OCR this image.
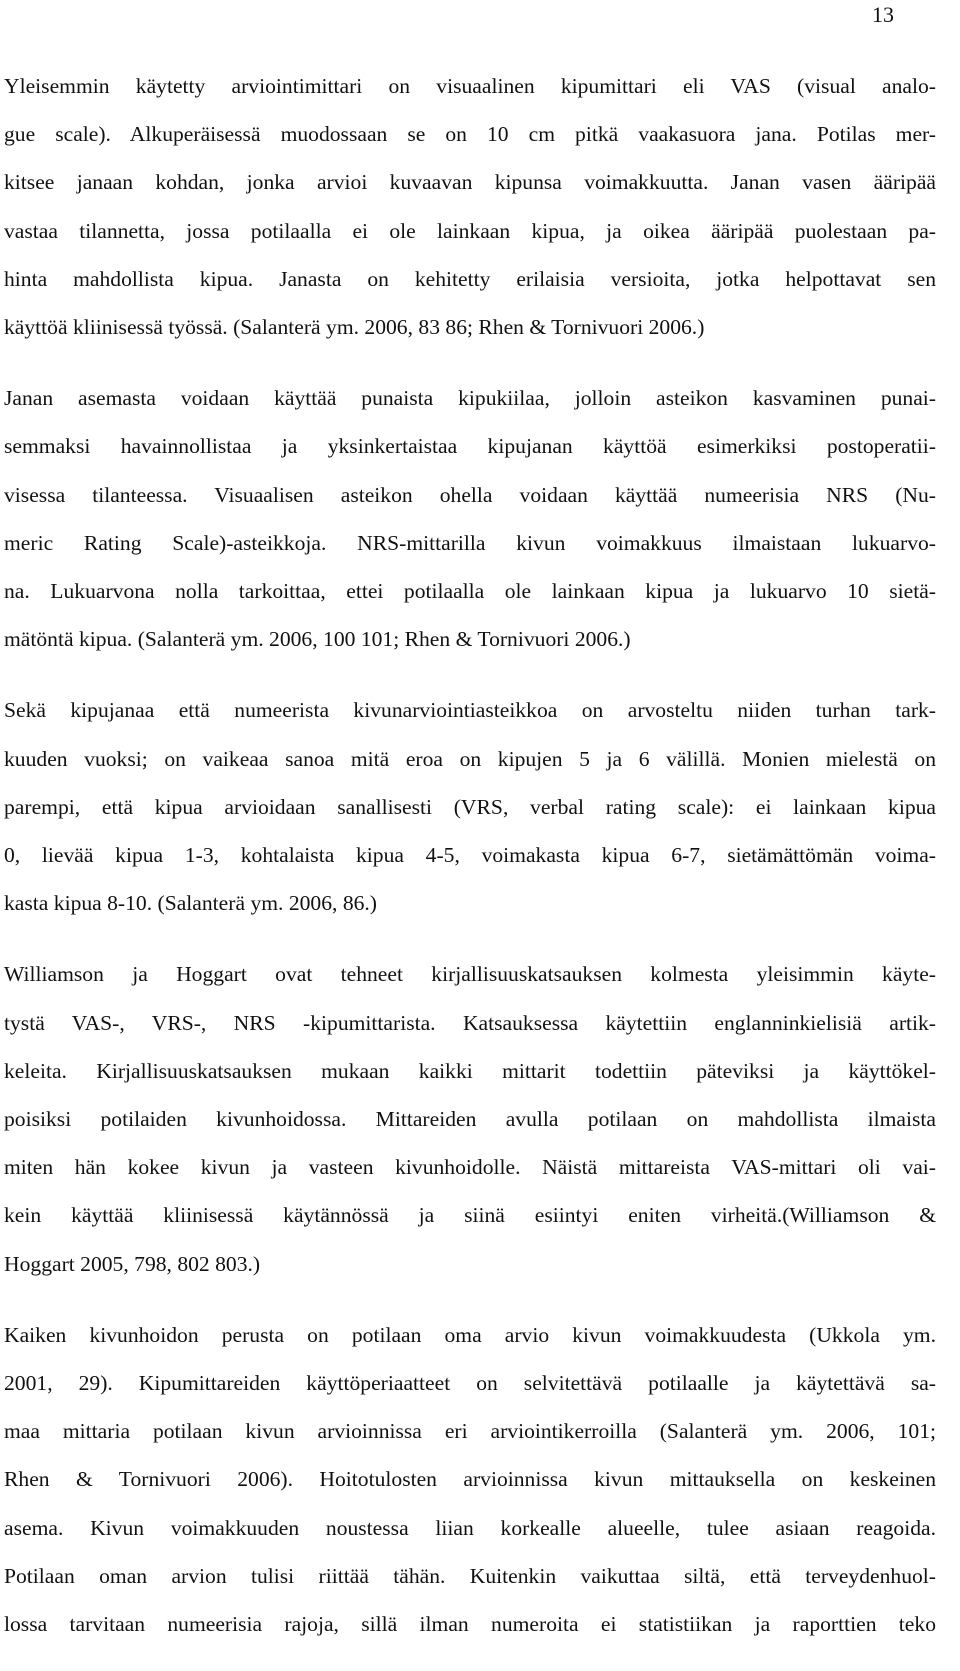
13

Yleisemmin käytetty arviointimittari on visuaalinen kipumittari eli VAS (visual analo-
gue scale). Alkuperäisessä muodossaan se on 10 cm pitkä vaakasuora jana. Potilas mer-
kitsee janaan kohdan, jonka arvioi kuvaavan kipunsa voimakkuutta. Janan vasen ääripää
vastaa tilannetta, jossa potilaalla ei ole lainkaan kipua, ja oikea ääripää puolestaan pa-
hinta mahdollista kipua. Janasta on kehitetty erilaisia versioita, jotka helpottavat sen
käyttöä kliinisessä työssä. (Salanterä ym. 2006, 83 86; Rhen & Tornivuori 2006.)

Janan asemasta voidaan käyttää punaista kipukiilaa, jolloin asteikon kasvaminen punai-
semmaksi havainnollistaa ja yksinkertaistaa kipujanan käyttöä esimerkiksi postoperatii-
visessa tilanteessa. Visuaalisen asteikon ohella voidaan käyttää numeerisia NRS (Nu-
meric Rating Scale)-asteikkoja. NRS-mittarilla kivun voimakkuus ilmaistaan lukuarvo-
na. Lukuarvona nolla tarkoittaa, ettei potilaalla ole lainkaan kipua ja lukuarvo 10 sietä-
mätöntä kipua. (Salanterä ym. 2006, 100 101; Rhen & Tornivuori 2006.)

Sekä kipujanaa että numeerista kivunarviointiasteikkoa on arvosteltu niiden turhan tark-
kuuden vuoksi; on vaikeaa sanoa mitä eroa on kipujen 5 ja 6 välillä. Monien mielestä on
parempi, että kipua arvioidaan sanallisesti (VRS, verbal rating scale): ei lainkaan kipua
0, lievää kipua 1-3, kohtalaista kipua 4-5, voimakasta kipua 6-7, sietämättömän voima-
kasta kipua 8-10. (Salanterä ym. 2006, 86.)

Williamson ja Hoggart ovat tehneet kirjallisuuskatsauksen kolmesta yleisimmin käyte-
tystä VAS-, VRS-, NRS -kipumittarista. Katsauksessa käytettiin englanninkielisiä artik-
keleita. Kirjallisuuskatsauksen mukaan kaikki mittarit todettiin päteviksi ja käyttökel-
poisiksi potilaiden kivunhoidossa. Mittareiden avulla potilaan on mahdollista ilmaista
miten hän kokee kivun ja vasteen kivunhoidolle. Näistä mittareista VAS-mittari oli vai-
kein käyttää kliinisessä käytännössä ja siinä esiintyi eniten virheitä.(Williamson &
Hoggart 2005, 798, 802 803.)

Kaiken kivunhoidon perusta on potilaan oma arvio kivun voimakkuudesta (Ukkola ym.
2001, 29). Kipumittareiden käyttöperiaatteet on selvitettävä potilaalle ja käytettävä sa-
maa mittaria potilaan kivun arvioinnissa eri arviointikerroilla (Salanterä ym. 2006, 101;
Rhen & Tornivuori 2006). Hoitotulosten arvioinnissa kivun mittauksella on keskeinen
asema. Kivun voimakkuuden noustessa liian korkealle alueelle, tulee asiaan reagoida.
Potilaan oman arvion tulisi riittää tähän. Kuitenkin vaikuttaa siltä, että terveydenhuol-
lossa tarvitaan numeerisia rajoja, sillä ilman numeroita ei statistiikan ja raporttien teko
